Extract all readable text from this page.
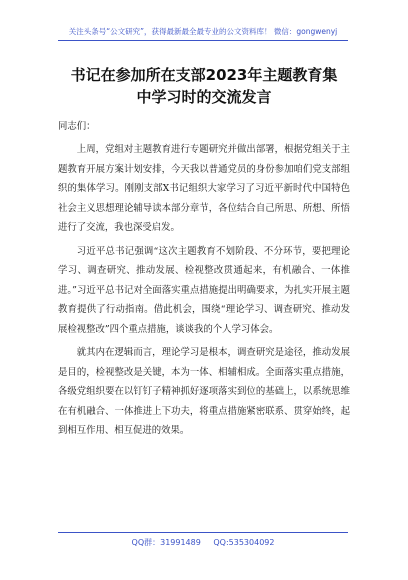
关注头条号“公文研究”，获得最新最全最专业的公文资料库！ 微信：gongwenyj
书记在参加所在支部2023年主题教育集
中学习时的交流发言
同志们：

上周，党组对主题教育进行专题研究并做出部署，根据党组关于主题教育开展方案计划安排，今天我以普通党员的身份参加咱们党支部组织的集体学习。刚刚支部X书记组织大家学习了习近平新时代中国特色社会主义思想理论辅导读本部分章节，各位结合自己所思、所想、所悟进行了交流，我也深受启发。

习近平总书记强调“这次主题教育不划阶段、不分环节，要把理论学习、调查研究、推动发展、检视整改贯通起来，有机融合、一体推进。”习近平总书记对全面落实重点措施提出明确要求，为扎实开展主题教育提供了行动指南。借此机会，围绕“理论学习、调查研究、推动发展检视整改”四个重点措施，谈谈我的个人学习体会。

就其内在逻辑而言，理论学习是根本，调查研究是途径，推动发展是目的，检视整改是关键，本为一体、相辅相成。全面落实重点措施，各级党组织要在以钉钉子精神抓好逐项落实到位的基础上，以系统思维在有机融合、一体推进上下功夫，将重点措施紧密联系、贯穿始终，起到相互作用、相互促进的效果。

QQ群：31991489 QQ:535304092
